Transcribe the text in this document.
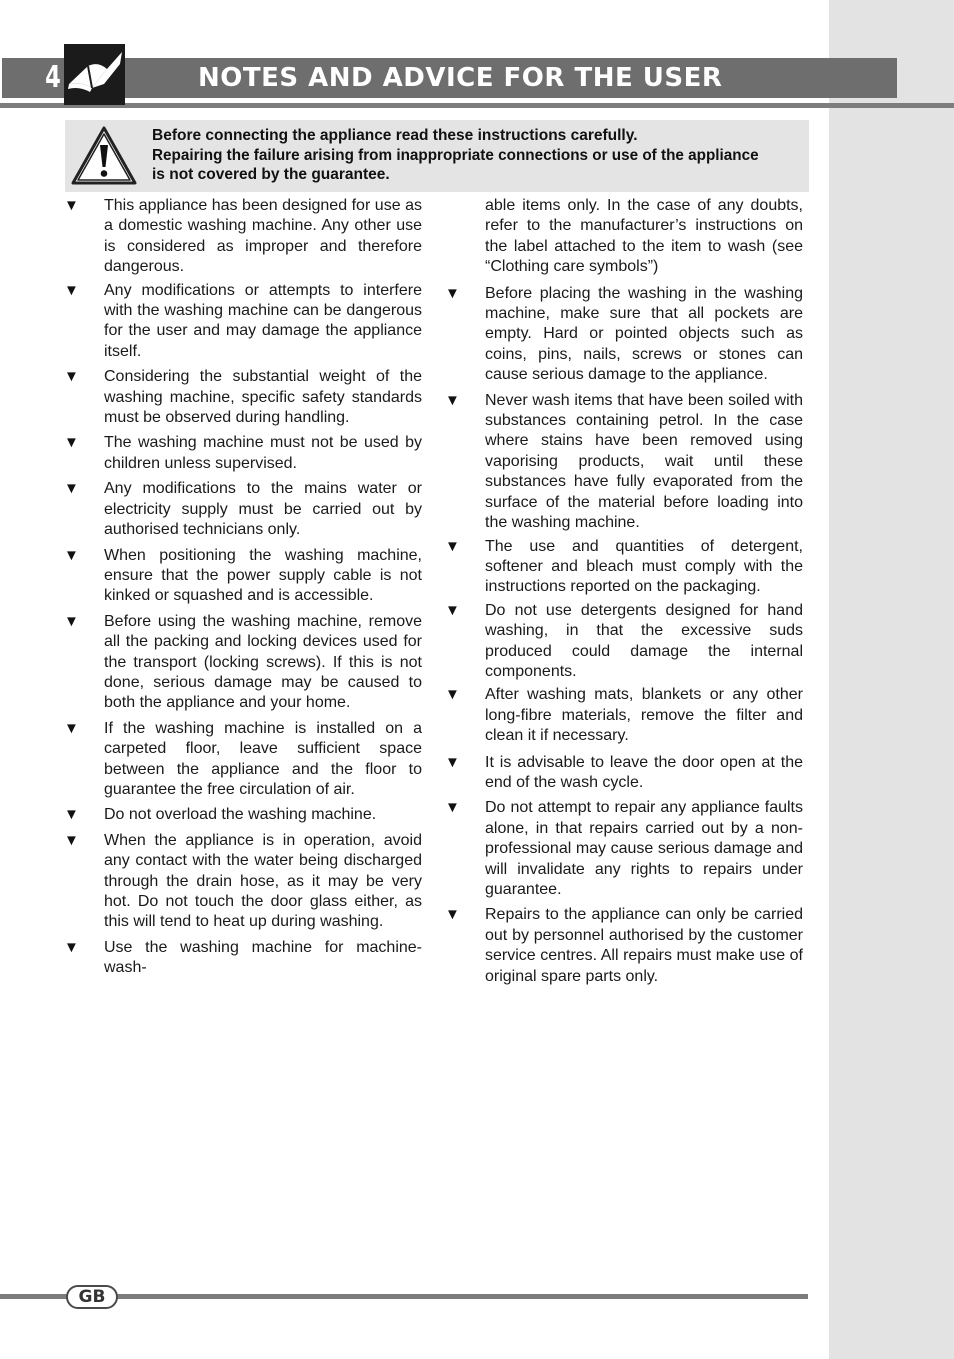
4	NOTES AND ADVICE FOR THE USER
Before connecting the appliance read these instructions carefully.
Repairing the failure arising from inappropriate connections or use of the appliance
is not covered by the guarantee.
▼ This appliance has been designed for use as a domestic washing machine. Any other use is considered as improper and therefore dangerous.
▼ Any modifications or attempts to interfere with the washing machine can be dangerous for the user and may damage the appliance itself.
▼ Considering the substantial weight of the washing machine, specific safety standards must be observed during handling.
▼ The washing machine must not be used by children unless supervised.
▼ Any modifications to the mains water or electricity supply must be carried out by authorised technicians only.
▼ When positioning the washing machine, ensure that the power supply cable is not kinked or squashed and is accessible.
▼ Before using the washing machine, remove all the packing and locking devices used for the transport (locking screws). If this is not done, serious damage may be caused to both the appliance and your home.
▼ If the washing machine is installed on a carpeted floor, leave sufficient space between the appliance and the floor to guarantee the free circulation of air.
▼ Do not overload the washing machine.
▼ When the appliance is in operation, avoid any contact with the water being discharged through the drain hose, as it may be very hot. Do not touch the door glass either, as this will tend to heat up during washing.
▼ Use the washing machine for machine-wash-
able items only. In the case of any doubts, refer to the manufacturer’s instructions on the label attached to the item to wash (see “Clothing care symbols”)
▼ Before placing the washing in the washing machine, make sure that all pockets are empty. Hard or pointed objects such as coins, pins, nails, screws or stones can cause serious damage to the appliance.
▼ Never wash items that have been soiled with substances containing petrol. In the case where stains have been removed using vaporising products, wait until these substances have fully evaporated from the surface of the material before loading into the washing machine.
▼ The use and quantities of detergent, softener and bleach must comply with the instructions reported on the packaging.
▼ Do not use detergents designed for hand washing, in that the excessive suds produced could damage the internal components.
▼ After washing mats, blankets or any other long-fibre materials, remove the filter and clean it if necessary.
▼ It is advisable to leave the door open at the end of the wash cycle.
▼ Do not attempt to repair any appliance faults alone, in that repairs carried out by a non-professional may cause serious damage and will invalidate any rights to repairs under guarantee.
▼ Repairs to the appliance can only be carried out by personnel authorised by the customer service centres. All repairs must make use of original spare parts only.
GB
